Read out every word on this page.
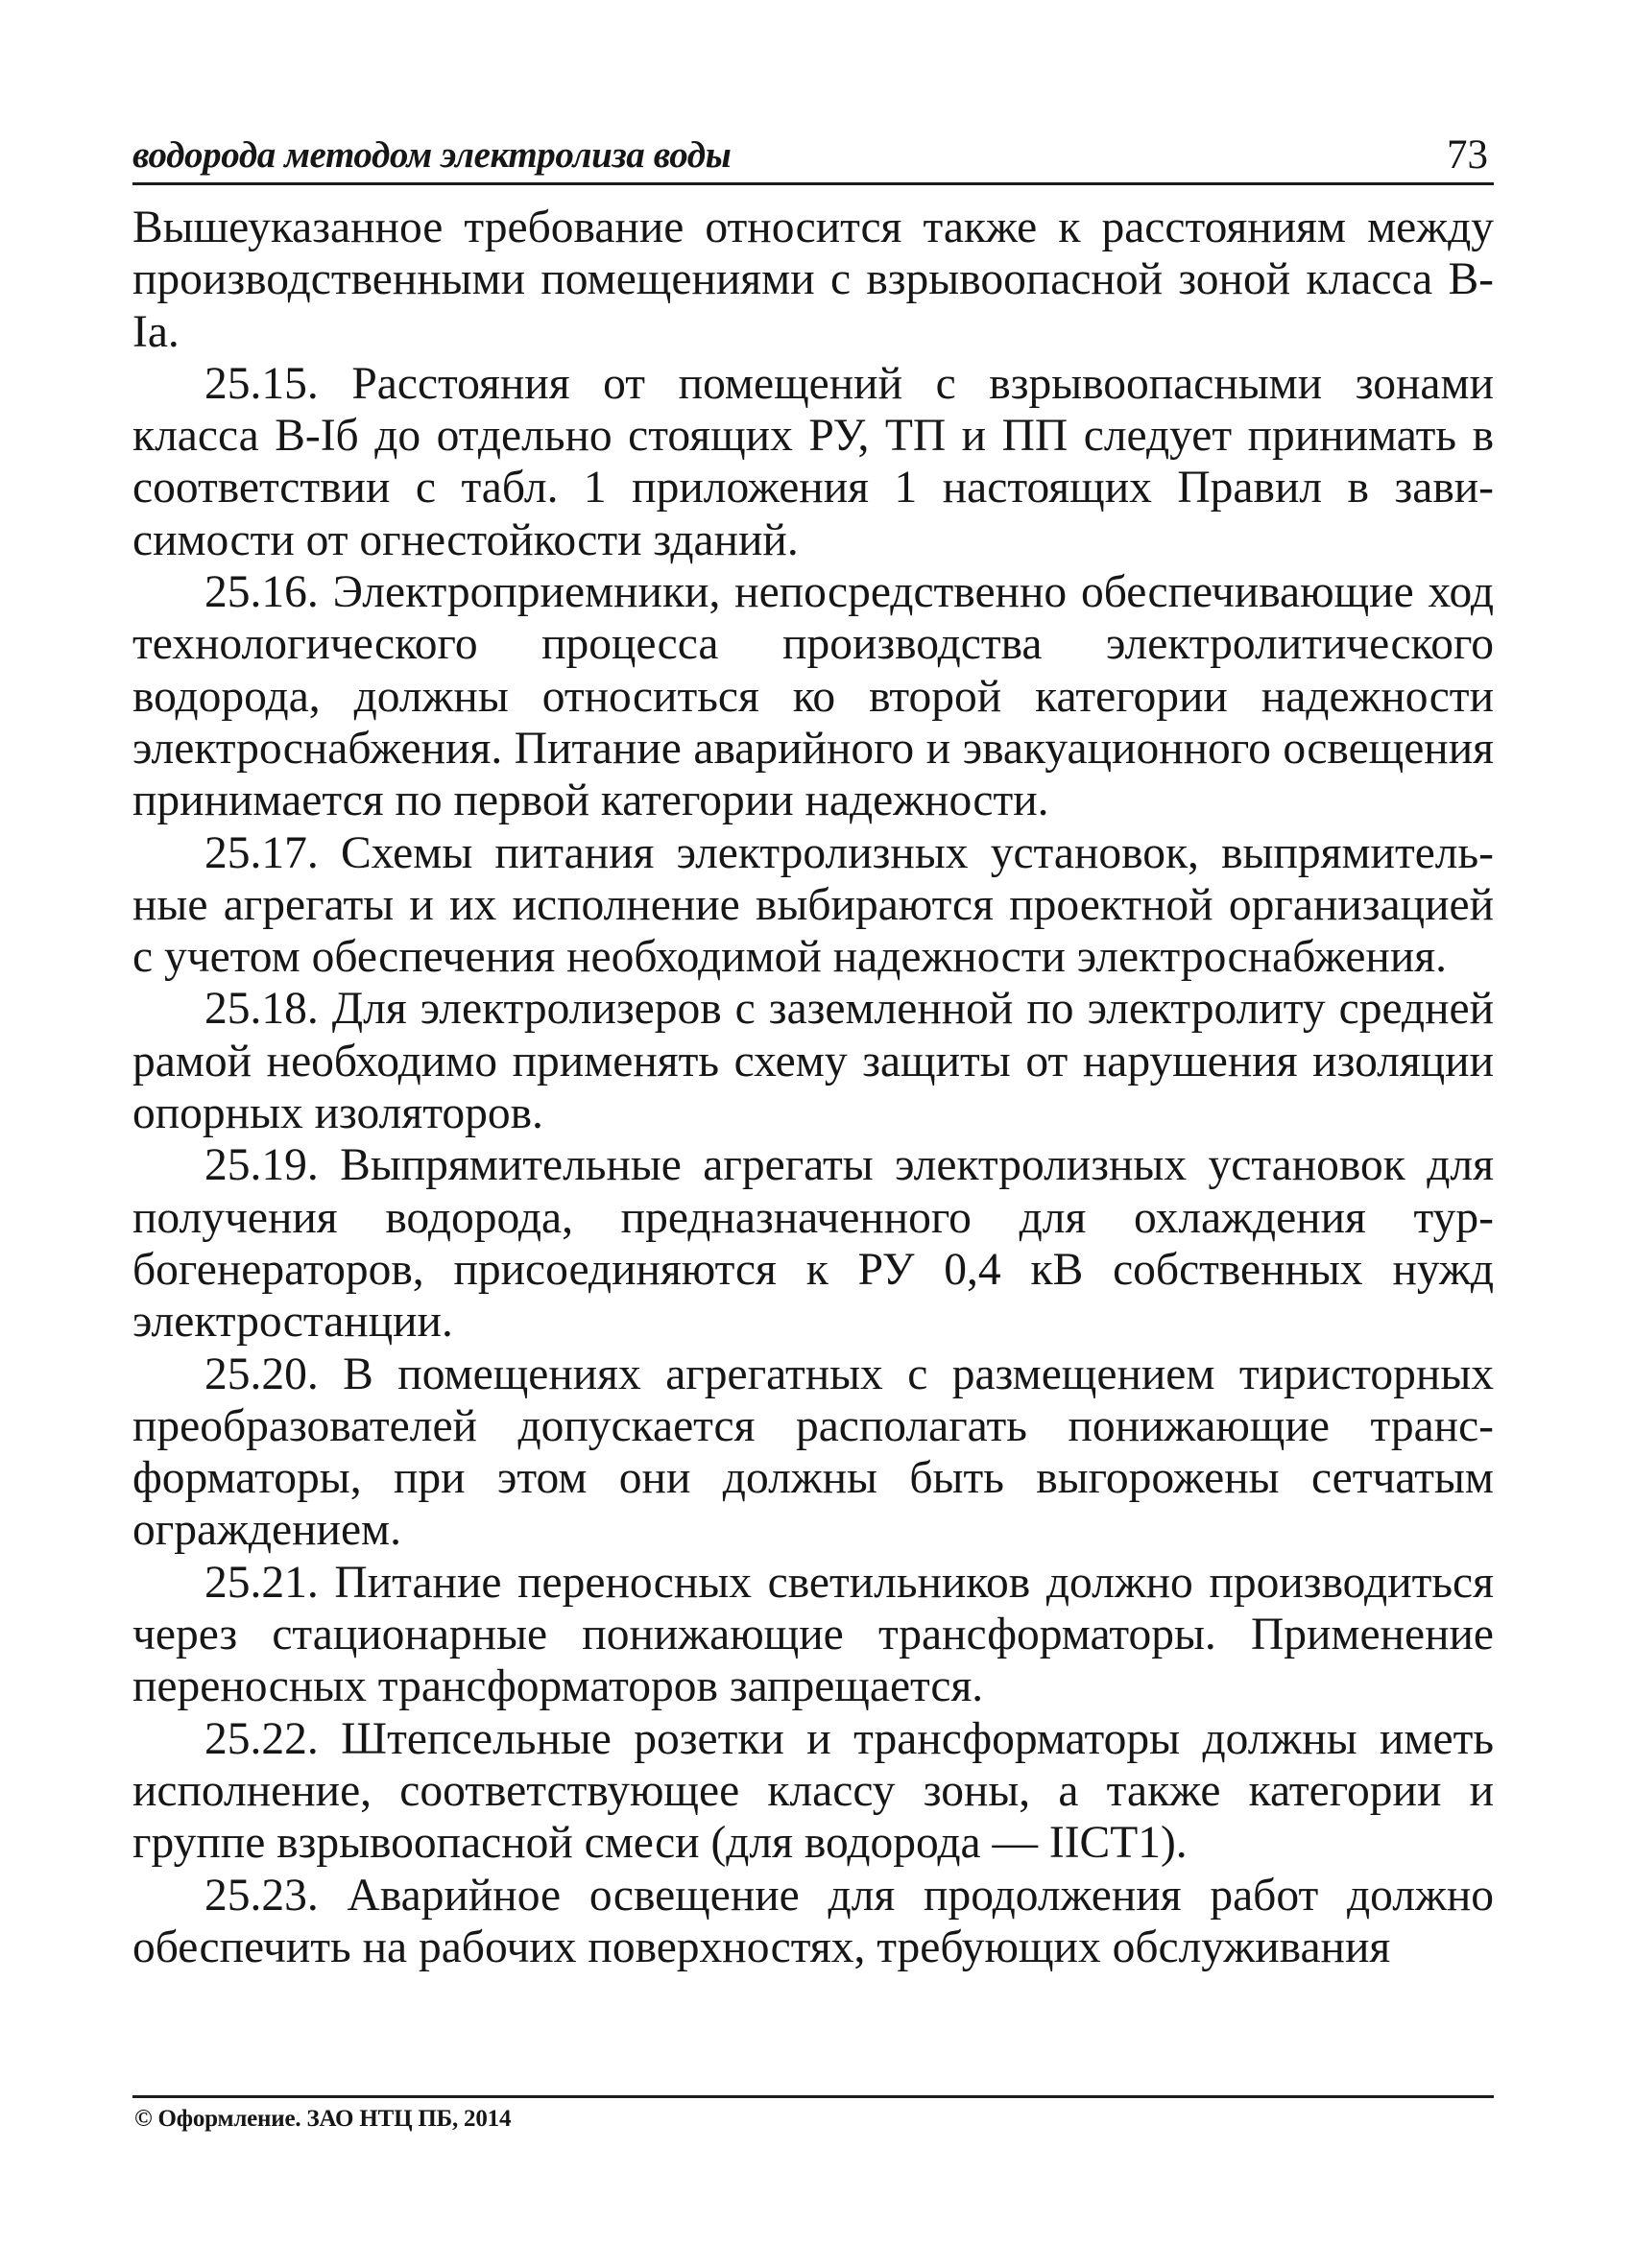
водорода методом электролиза воды	73

Вышеуказанное требование относится также к расстояниям между производственными помещениями с взрывоопасной зоной класса В-Iа.

25.15. Расстояния от помещений с взрывоопасными зонами класса В-Iб до отдельно стоящих РУ, ТП и ПП следует принимать в соответствии с табл. 1 приложения 1 настоящих Правил в зависимости от огнестойкости зданий.

25.16. Электроприемники, непосредственно обеспечивающие ход технологического процесса производства электролитического водорода, должны относиться ко второй категории надежности электроснабжения. Питание аварийного и эвакуационного освещения принимается по первой категории надежности.

25.17. Схемы питания электролизных установок, выпрямительные агрегаты и их исполнение выбираются проектной организацией с учетом обеспечения необходимой надежности электроснабжения.

25.18. Для электролизеров с заземленной по электролиту средней рамой необходимо применять схему защиты от нарушения изоляции опорных изоляторов.

25.19. Выпрямительные агрегаты электролизных установок для получения водорода, предназначенного для охлаждения турбогенераторов, присоединяются к РУ 0,4 кВ собственных нужд электростанции.

25.20. В помещениях агрегатных с размещением тиристорных преобразователей допускается располагать понижающие трансформаторы, при этом они должны быть выгорожены сетчатым ограждением.

25.21. Питание переносных светильников должно производиться через стационарные понижающие трансформаторы. Применение переносных трансформаторов запрещается.

25.22. Штепсельные розетки и трансформаторы должны иметь исполнение, соответствующее классу зоны, а также категории и группе взрывоопасной смеси (для водорода — IIСТ1).

25.23. Аварийное освещение для продолжения работ должно обеспечить на рабочих поверхностях, требующих обслуживания

© Оформление. ЗАО НТЦ ПБ, 2014
